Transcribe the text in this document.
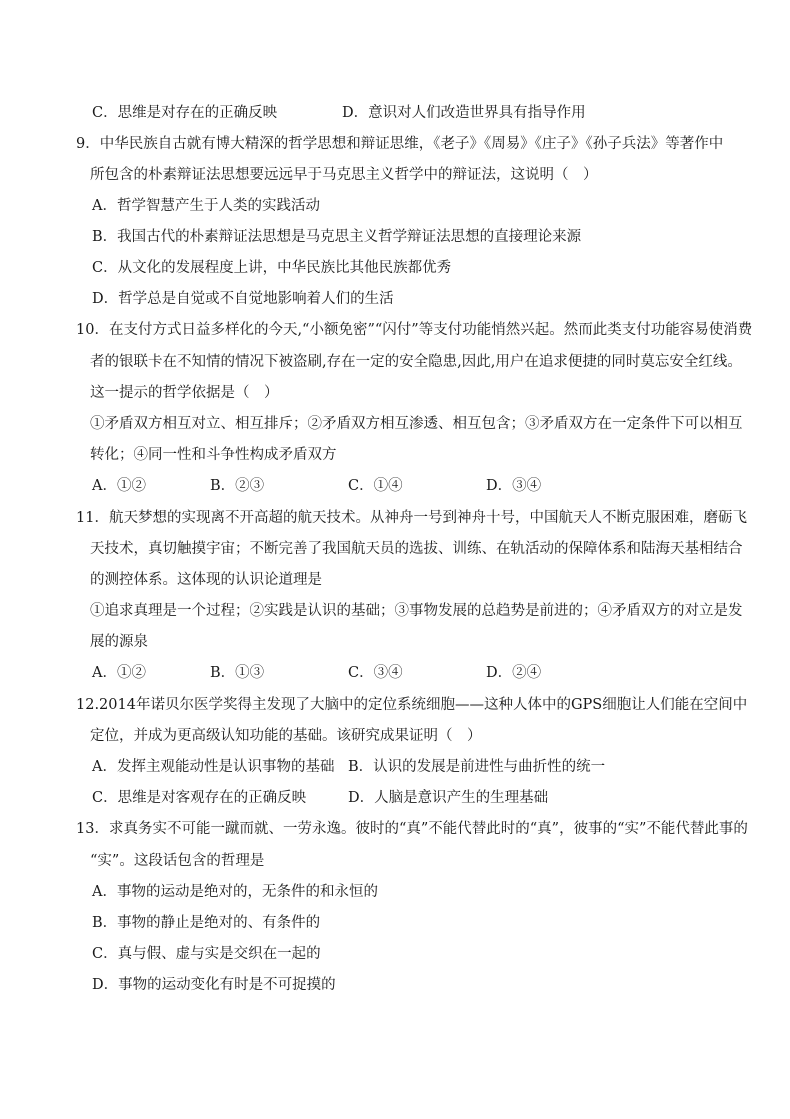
C．思维是对存在的正确反映	D．意识对人们改造世界具有指导作用
9．中华民族自古就有博大精深的哲学思想和辩证思维，《老子》《周易》《庄子》《孙子兵法》等著作中
所包含的朴素辩证法思想要远远早于马克思主义哲学中的辩证法，这说明（　）
A．哲学智慧产生于人类的实践活动
B．我国古代的朴素辩证法思想是马克思主义哲学辩证法思想的直接理论来源
C．从文化的发展程度上讲，中华民族比其他民族都优秀
D．哲学总是自觉或不自觉地影响着人们的生活
10．在支付方式日益多样化的今天,“小额免密”“闪付”等支付功能悄然兴起。然而此类支付功能容易使消费
者的银联卡在不知情的情况下被盗刷,存在一定的安全隐患,因此,用户在追求便捷的同时莫忘安全红线。
这一提示的哲学依据是（　）
①矛盾双方相互对立、相互排斥；②矛盾双方相互渗透、相互包含；③矛盾双方在一定条件下可以相互
转化；④同一性和斗争性构成矛盾双方
A．①②	B．②③	C．①④	D．③④
11．航天梦想的实现离不开高超的航天技术。从神舟一号到神舟十号，中国航天人不断克服困难，磨砺飞
天技术，真切触摸宇宙；不断完善了我国航天员的选拔、训练、在轨活动的保障体系和陆海天基相结合
的测控体系。这体现的认识论道理是
①追求真理是一个过程；②实践是认识的基础；③事物发展的总趋势是前进的；④矛盾双方的对立是发
展的源泉
A．①②	B．①③	C．③④	D．②④
12.2014年诺贝尔医学奖得主发现了大脑中的定位系统细胞——这种人体中的GPS细胞让人们能在空间中
定位，并成为更高级认知功能的基础。该研究成果证明（　）
A．发挥主观能动性是认识事物的基础 B．认识的发展是前进性与曲折性的统一
C．思维是对客观存在的正确反映	D．人脑是意识产生的生理基础
13．求真务实不可能一蹴而就、一劳永逸。彼时的“真”不能代替此时的“真”，彼事的“实”不能代替此事的
“实”。这段话包含的哲理是
A．事物的运动是绝对的，无条件的和永恒的
B．事物的静止是绝对的、有条件的
C．真与假、虚与实是交织在一起的
D．事物的运动变化有时是不可捉摸的
